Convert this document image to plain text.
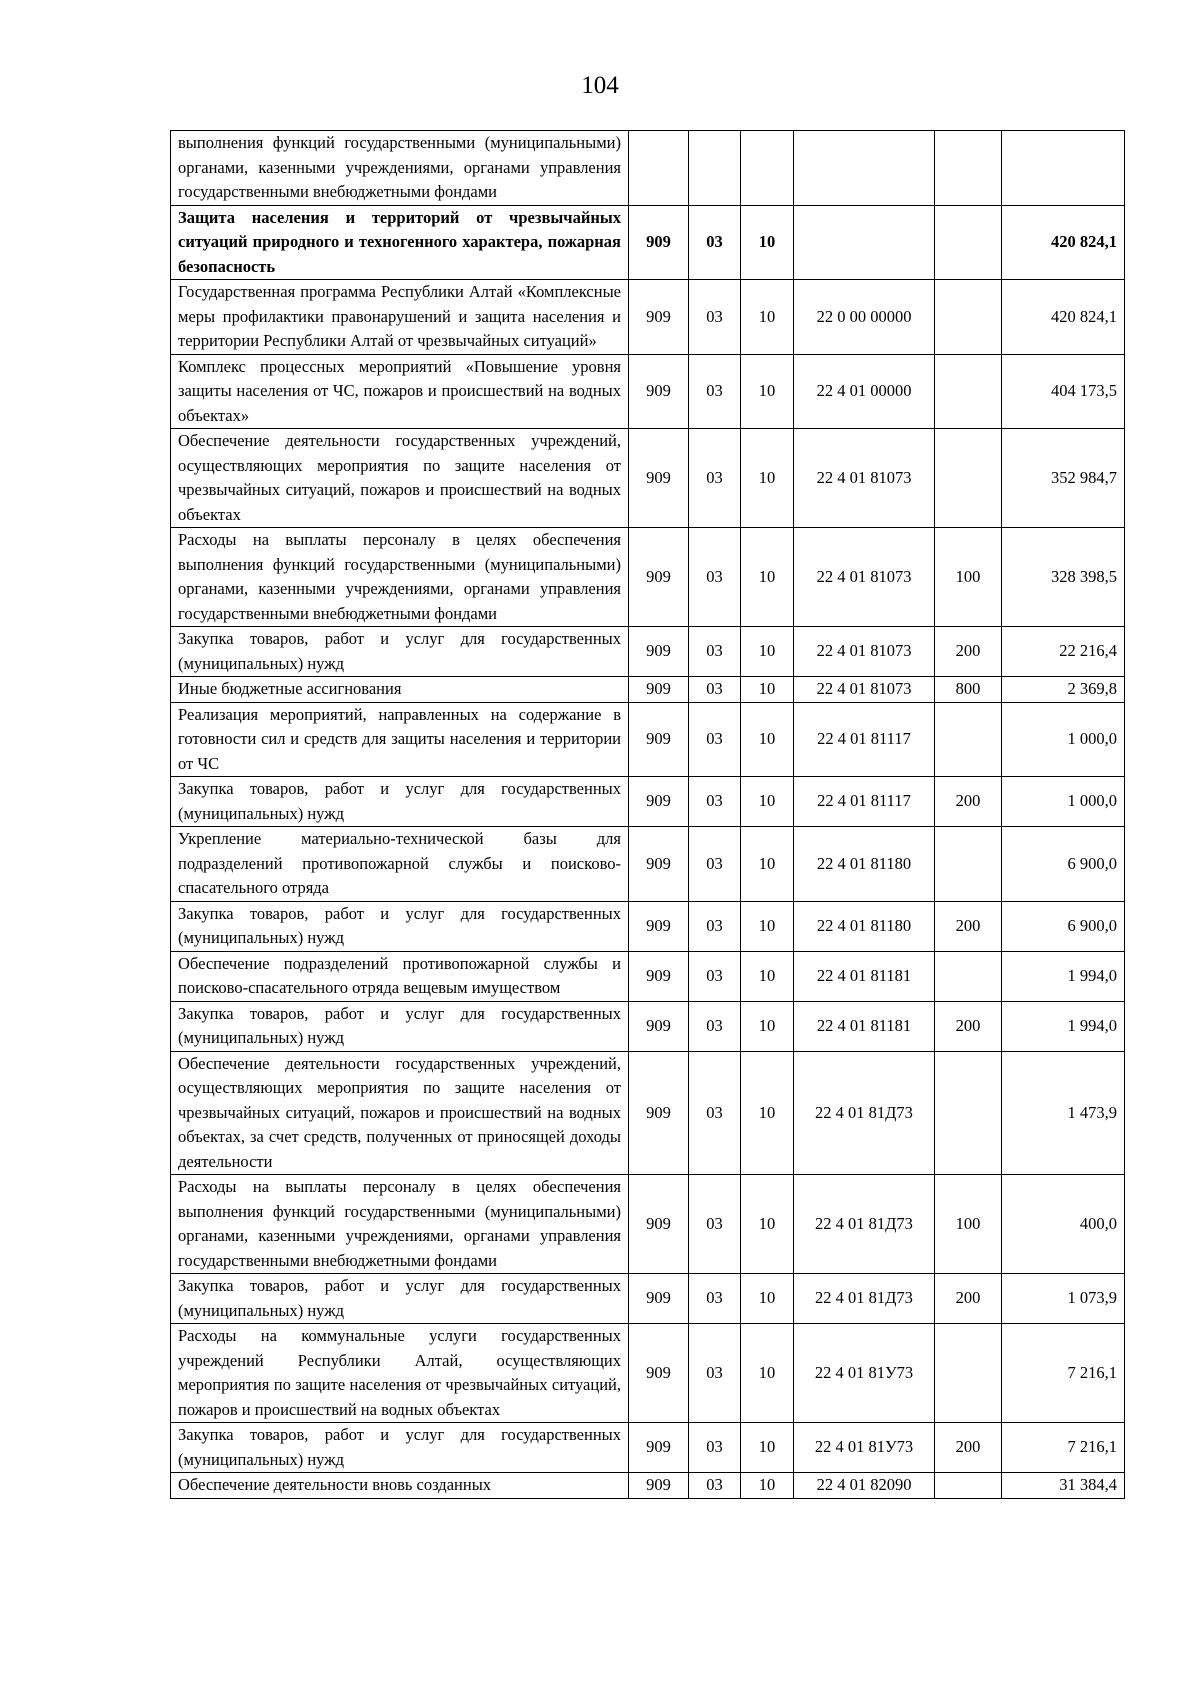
104
выполнения функций государственными (муниципальными) органами, казенными учреждениями, органами управления государственными внебюджетными фондами						
Защита населения и территорий от чрезвычайных ситуаций природного и техногенного характера, пожарная безопасность	909	03	10			420 824,1
Государственная программа Республики Алтай «Комплексные меры профилактики правонарушений и защита населения и территории Республики Алтай от чрезвычайных ситуаций»	909	03	10	22 0 00 00000		420 824,1
Комплекс процессных мероприятий «Повышение уровня защиты населения от ЧС, пожаров и происшествий на водных объектах»	909	03	10	22 4 01 00000		404 173,5
Обеспечение деятельности государственных учреждений, осуществляющих мероприятия по защите населения от чрезвычайных ситуаций, пожаров и происшествий на водных объектах	909	03	10	22 4 01 81073		352 984,7
Расходы на выплаты персоналу в целях обеспечения выполнения функций государственными (муниципальными) органами, казенными учреждениями, органами управления государственными внебюджетными фондами	909	03	10	22 4 01 81073	100	328 398,5
Закупка товаров, работ и услуг для государственных (муниципальных) нужд	909	03	10	22 4 01 81073	200	22 216,4
Иные бюджетные ассигнования	909	03	10	22 4 01 81073	800	2 369,8
Реализация мероприятий, направленных на содержание в готовности сил и средств для защиты населения и территории от ЧС	909	03	10	22 4 01 81117		1 000,0
Закупка товаров, работ и услуг для государственных (муниципальных) нужд	909	03	10	22 4 01 81117	200	1 000,0
Укрепление материально-технической базы для подразделений противопожарной службы и поисково-спасательного отряда	909	03	10	22 4 01 81180		6 900,0
Закупка товаров, работ и услуг для государственных (муниципальных) нужд	909	03	10	22 4 01 81180	200	6 900,0
Обеспечение подразделений противопожарной службы и поисково-спасательного отряда вещевым имуществом	909	03	10	22 4 01 81181		1 994,0
Закупка товаров, работ и услуг для государственных (муниципальных) нужд	909	03	10	22 4 01 81181	200	1 994,0
Обеспечение деятельности государственных учреждений, осуществляющих мероприятия по защите населения от чрезвычайных ситуаций, пожаров и происшествий на водных объектах, за счет средств, полученных от приносящей доходы деятельности	909	03	10	22 4 01 81Д73		1 473,9
Расходы на выплаты персоналу в целях обеспечения выполнения функций государственными (муниципальными) органами, казенными учреждениями, органами управления государственными внебюджетными фондами	909	03	10	22 4 01 81Д73	100	400,0
Закупка товаров, работ и услуг для государственных (муниципальных) нужд	909	03	10	22 4 01 81Д73	200	1 073,9
Расходы на коммунальные услуги государственных учреждений Республики Алтай, осуществляющих мероприятия по защите населения от чрезвычайных ситуаций, пожаров и происшествий на водных объектах	909	03	10	22 4 01 81У73		7 216,1
Закупка товаров, работ и услуг для государственных (муниципальных) нужд	909	03	10	22 4 01 81У73	200	7 216,1
Обеспечение деятельности вновь созданных	909	03	10	22 4 01 82090		31 384,4
